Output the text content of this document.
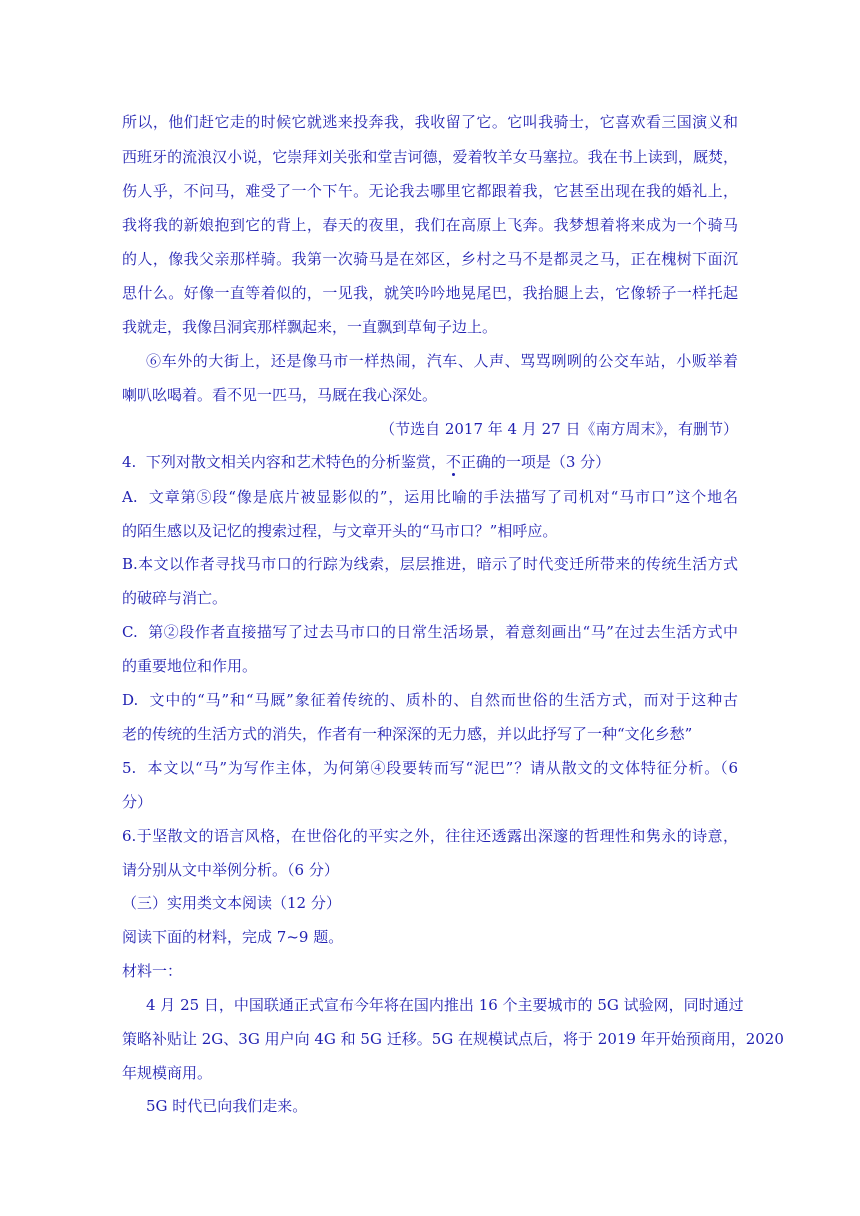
所以，他们赶它走的时候它就逃来投奔我，我收留了它。它叫我骑士，它喜欢看三国演义和
西班牙的流浪汉小说，它崇拜刘关张和堂吉诃德，爱着牧羊女马塞拉。我在书上读到，厩焚，
伤人乎，不问马，难受了一个下午。无论我去哪里它都跟着我，它甚至出现在我的婚礼上，
我将我的新娘抱到它的背上，春天的夜里，我们在高原上飞奔。我梦想着将来成为一个骑马
的人，像我父亲那样骑。我第一次骑马是在郊区，乡村之马不是都灵之马，正在槐树下面沉
思什么。好像一直等着似的，一见我，就笑吟吟地晃尾巴，我抬腿上去，它像轿子一样托起
我就走，我像吕洞宾那样飘起来，一直飘到草甸子边上。
⑥车外的大街上，还是像马市一样热闹，汽车、人声、骂骂咧咧的公交车站，小贩举着
喇叭吆喝着。看不见一匹马，马厩在我心深处。
（节选自 2017 年 4 月 27 日《南方周末》，有删节）
4.  下列对散文相关内容和艺术特色的分析鉴赏，不正确的一项是（3 分）
A.  文章第⑤段“像是底片被显影似的”，运用比喻的手法描写了司机对“马市口”这个地名
的陌生感以及记忆的搜索过程，与文章开头的“马市口？”相呼应。
B.本文以作者寻找马市口的行踪为线索，层层推进，暗示了时代变迁所带来的传统生活方式
的破碎与消亡。
C.  第②段作者直接描写了过去马市口的日常生活场景，着意刻画出“马”在过去生活方式中
的重要地位和作用。
D.  文中的“马”和“马厩”象征着传统的、质朴的、自然而世俗的生活方式，而对于这种古
老的传统的生活方式的消失，作者有一种深深的无力感，并以此抒写了一种“文化乡愁”
5.  本文以“马”为写作主体，为何第④段要转而写“泥巴”？请从散文的文体特征分析。（6
分）
6.于坚散文的语言风格，在世俗化的平实之外，往往还透露出深邃的哲理性和隽永的诗意，
请分别从文中举例分析。（6 分）
（三）实用类文本阅读（12 分）
阅读下面的材料，完成 7~9 题。
材料一：
4 月 25 日，中国联通正式宣布今年将在国内推出 16 个主要城市的 5G 试验网，同时通过
策略补贴让 2G、3G 用户向 4G 和 5G 迁移。5G 在规模试点后，将于 2019 年开始预商用，2020
年规模商用。
5G 时代已向我们走来。
